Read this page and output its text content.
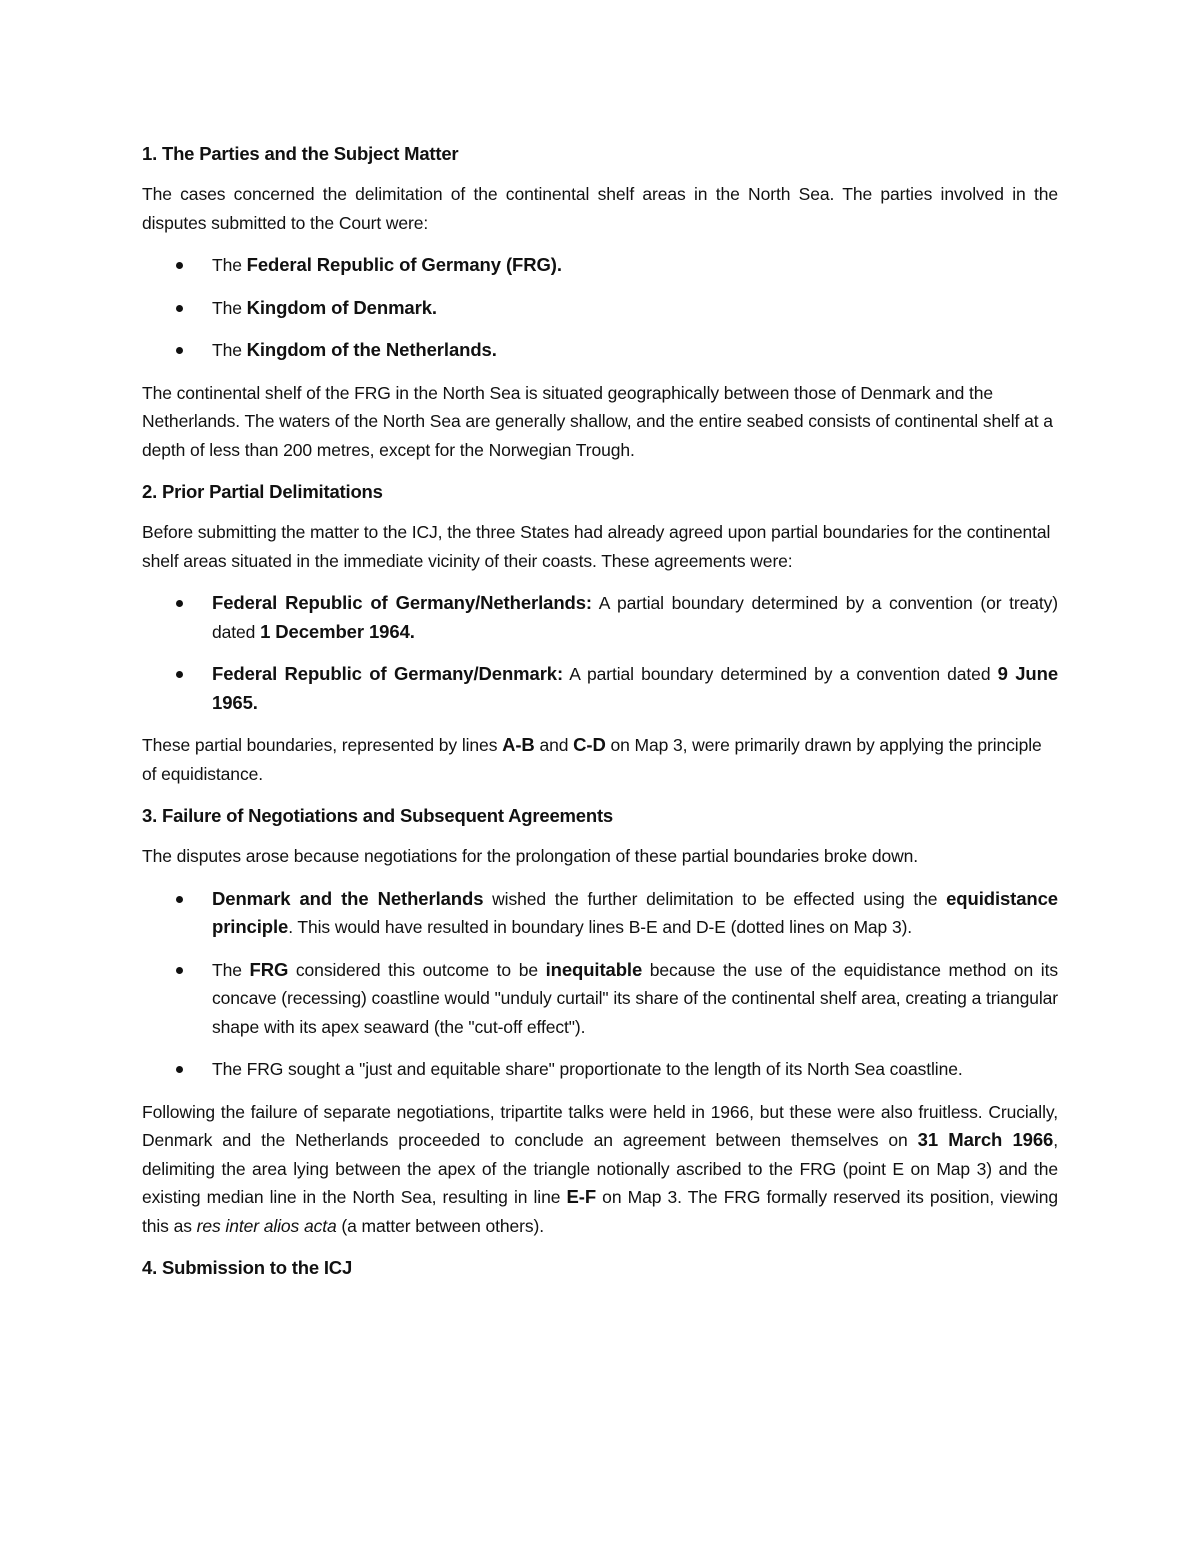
1. The Parties and the Subject Matter
The cases concerned the delimitation of the continental shelf areas in the North Sea. The parties involved in the disputes submitted to the Court were:
The Federal Republic of Germany (FRG).
The Kingdom of Denmark.
The Kingdom of the Netherlands.
The continental shelf of the FRG in the North Sea is situated geographically between those of Denmark and the Netherlands. The waters of the North Sea are generally shallow, and the entire seabed consists of continental shelf at a depth of less than 200 metres, except for the Norwegian Trough.
2. Prior Partial Delimitations
Before submitting the matter to the ICJ, the three States had already agreed upon partial boundaries for the continental shelf areas situated in the immediate vicinity of their coasts. These agreements were:
Federal Republic of Germany/Netherlands: A partial boundary determined by a convention (or treaty) dated 1 December 1964.
Federal Republic of Germany/Denmark: A partial boundary determined by a convention dated 9 June 1965.
These partial boundaries, represented by lines A-B and C-D on Map 3, were primarily drawn by applying the principle of equidistance.
3. Failure of Negotiations and Subsequent Agreements
The disputes arose because negotiations for the prolongation of these partial boundaries broke down.
Denmark and the Netherlands wished the further delimitation to be effected using the equidistance principle. This would have resulted in boundary lines B-E and D-E (dotted lines on Map 3).
The FRG considered this outcome to be inequitable because the use of the equidistance method on its concave (recessing) coastline would "unduly curtail" its share of the continental shelf area, creating a triangular shape with its apex seaward (the "cut-off effect").
The FRG sought a "just and equitable share" proportionate to the length of its North Sea coastline.
Following the failure of separate negotiations, tripartite talks were held in 1966, but these were also fruitless. Crucially, Denmark and the Netherlands proceeded to conclude an agreement between themselves on 31 March 1966, delimiting the area lying between the apex of the triangle notionally ascribed to the FRG (point E on Map 3) and the existing median line in the North Sea, resulting in line E-F on Map 3. The FRG formally reserved its position, viewing this as res inter alios acta (a matter between others).
4. Submission to the ICJ
